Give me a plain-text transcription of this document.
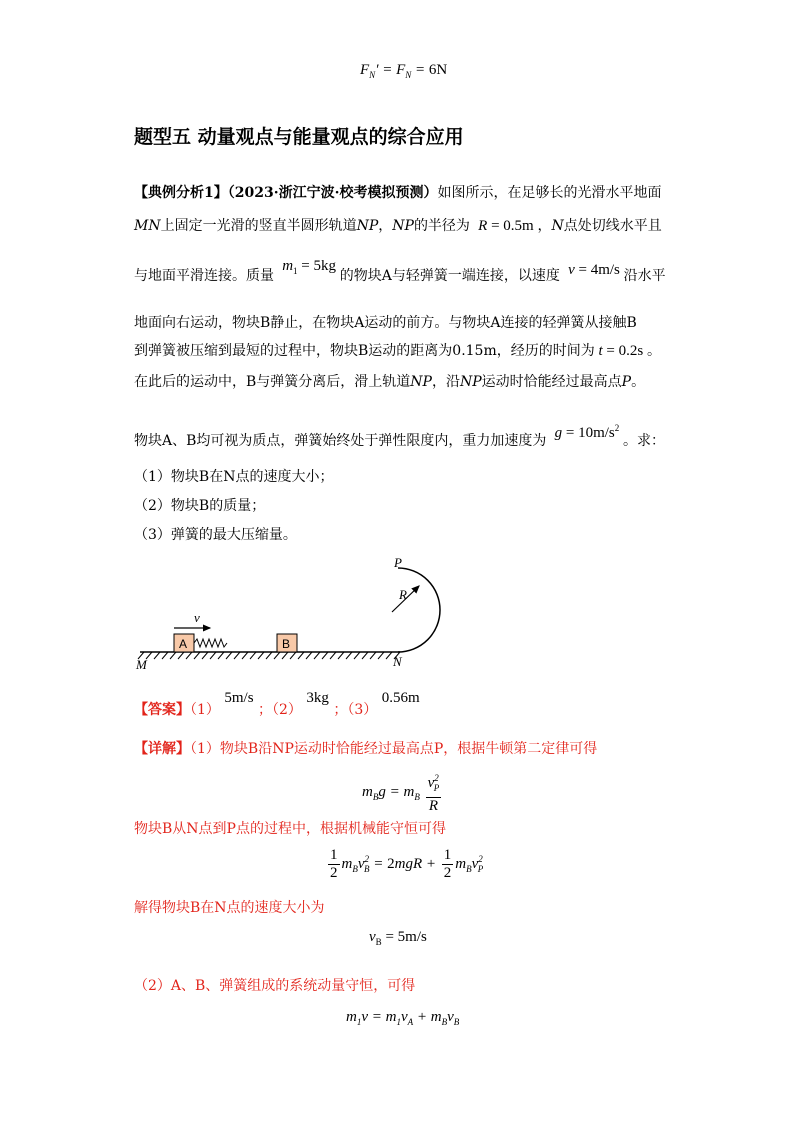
$F_N' = F_N = 6N$
题型五 动量观点与能量观点的综合应用
【典例分析1】（2023·浙江宁波·校考模拟预测）如图所示，在足够长的光滑水平地面
MN上固定一光滑的竖直半圆形轨道NP，NP的半径为 R = 0.5m ，N点处切线水平且
与地面平滑连接。质量  $m_1 = 5kg$ 的物块A与轻弹簧一端连接，以速度 v = 4m/s 沿水平
地面向右运动，物块B静止，在物块A运动的前方。与物块A连接的轻弹簧从接触B
到弹簧被压缩到最短的过程中，物块B运动的距离为0.15m，经历的时间为 t = 0.2s 。
在此后的运动中，B与弹簧分离后，滑上轨道NP，沿NP运动时恰能经过最高点P。
物块A、B均可视为质点，弹簧始终处于弹性限度内，重力加速度为 $g = 10m/s^2$ 。求：
（1）物块B在N点的速度大小；
（2）物块B的质量；
（3）弹簧的最大压缩量。
P
R
v
A	B
M	N
【答案】（1） 5m/s ；（2） 3kg ；（3） 0.56m
【详解】（1）物块B沿NP运动时恰能经过最高点P，根据牛顿第二定律可得
$m_Bg = m_B \frac{v^2_P}{R}$
物块B从N点到P点的过程中，根据机械能守恒可得
$\frac{1}{2} m_Bv^2_B = 2mgR + \frac{1}{2} m_Bv^2_P$
解得物块B在N点的速度大小为
$v_B = 5m/s$
（2）A、B、弹簧组成的系统动量守恒，可得
$m_1v = m_1v_A + m_Bv_B$
